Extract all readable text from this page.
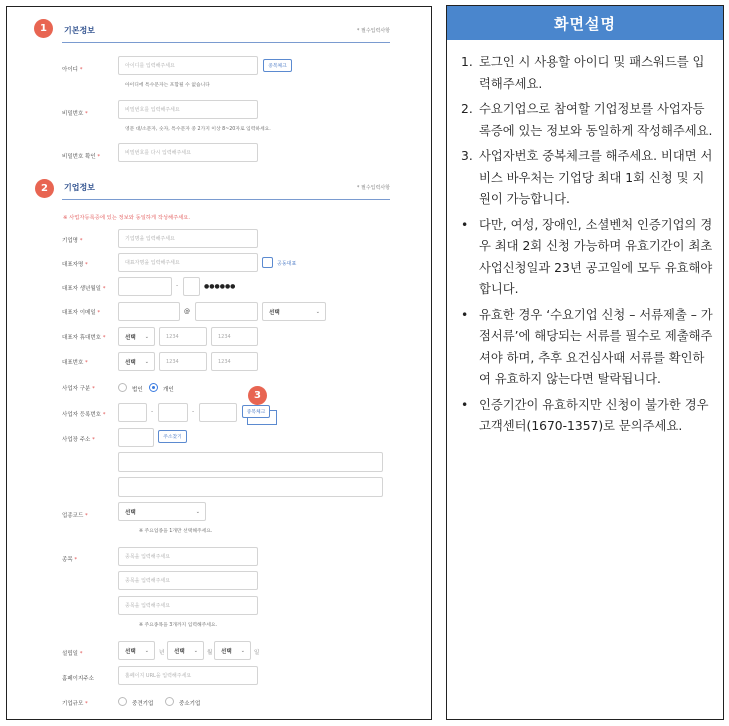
1	기본정보	* 필수입력사항
아이디 *
아이디를 입력해주세요	중복체크
아이디에 특수문자는 포함될 수 없습니다
비밀번호 *
비밀번호를 입력해주세요
영문 대/소문자, 숫자, 특수문자 중 2가지 이상 8~20자로 입력하세요.
비밀번호 확인 *
비밀번호를 다시 입력해주세요
2	기업정보	* 필수입력사항
※ 사업자등록증에 있는 정보와 동일하게 작성해주세요.
기업명 *	기업명을 입력해주세요
대표자명 *	대표자명을 입력해주세요	공동대표
대표자 생년월일 *	-	●●●●●●
대표자 이메일 *	@	선택	⌄
대표자 휴대번호 *	선택 ⌄	1234	1234
대표번호 *	선택 ⌄	1234	1234
사업자 구분 *	법인	개인	3
사업자 등록번호 *	-	-	중복체크
사업장 주소 *	주소찾기
업종코드 *
선택	⌄
※ 주요업종을 1개만 선택해주세요.
종목 *	종목을 입력해주세요
종목을 입력해주세요
종목을 입력해주세요
※ 주요종목을 3개까지 입력해주세요.
설립일 *	선택 ⌄ 년 선택 ⌄ 월 선택 ⌄ 일
홈페이지주소	홈페이지 URL을 입력해주세요
기업규모 *	중견기업	중소기업
화면설명
1. 로그인 시 사용할 아이디 및 패스워드를 입력해주세요.
2. 수요기업으로 참여할 기업정보를 사업자등록증에 있는 정보와 동일하게 작성해주세요.
3. 사업자번호 중복체크를 해주세요. 비대면 서비스 바우처는 기업당 최대 1회 신청 및 지원이 가능합니다.
• 다만, 여성, 장애인, 소셜벤처 인증기업의 경우 최대 2회 신청 가능하며 유효기간이 최초 사업신청일과 23년 공고일에 모두 유효해야 합니다.
• 유효한 경우 ‘수요기업 신청 – 서류제출 – 가점서류’에 해당되는 서류를 필수로 제출해주셔야 하며, 추후 요건심사때 서류를 확인하여 유효하지 않는다면 탈락됩니다.
• 인증기간이 유효하지만 신청이 불가한 경우 고객센터(1670-1357)로 문의주세요.
